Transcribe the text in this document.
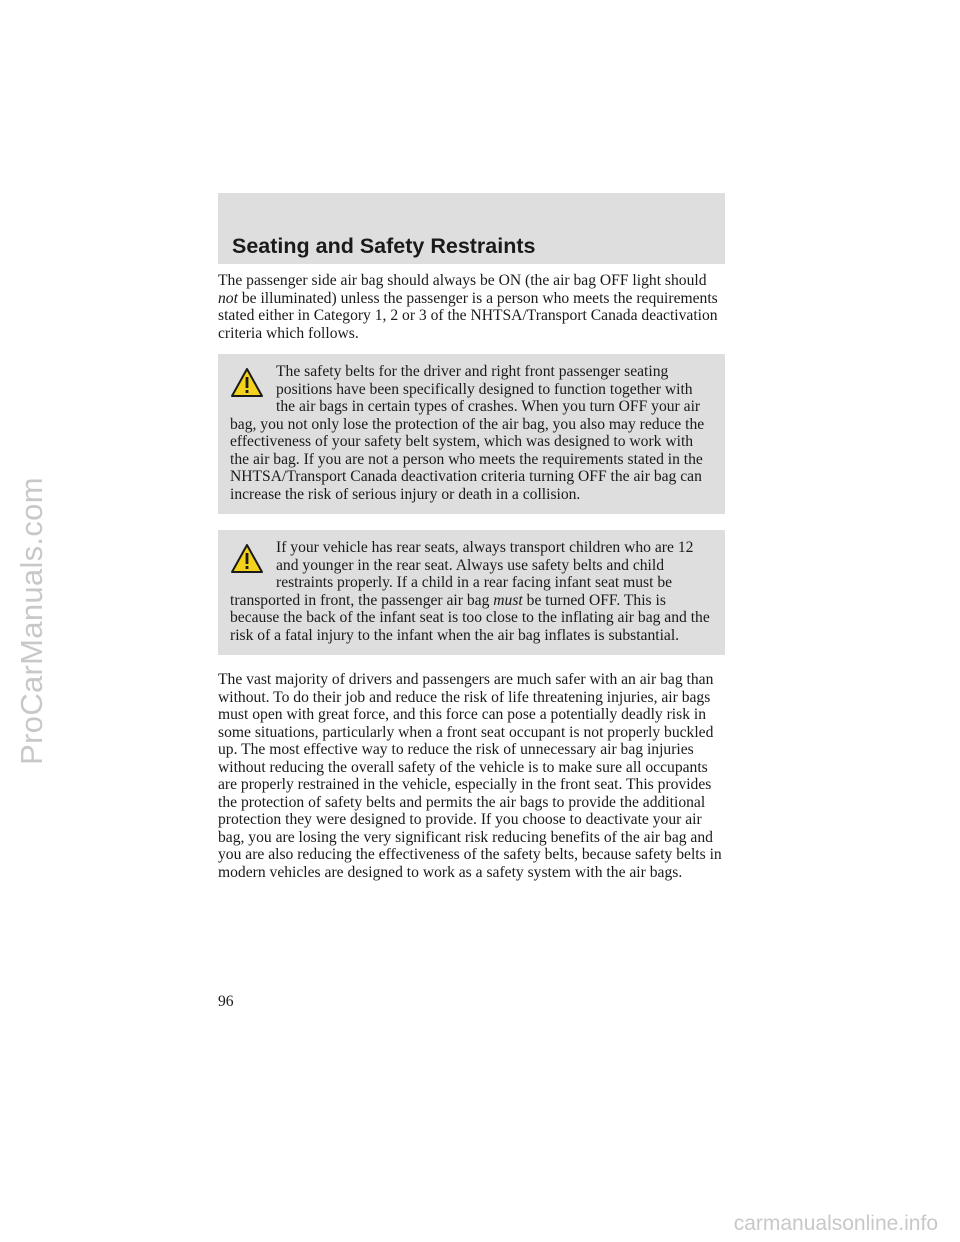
ProCarManuals.com
Seating and Safety Restraints

The passenger side air bag should always be ON (the air bag OFF light should not be illuminated) unless the passenger is a person who meets the requirements stated either in Category 1, 2 or 3 of the NHTSA/Transport Canada deactivation criteria which follows.

The safety belts for the driver and right front passenger seating positions have been specifically designed to function together with the air bags in certain types of crashes. When you turn OFF your air bag, you not only lose the protection of the air bag, you also may reduce the effectiveness of your safety belt system, which was designed to work with the air bag. If you are not a person who meets the requirements stated in the NHTSA/Transport Canada deactivation criteria turning OFF the air bag can increase the risk of serious injury or death in a collision.

If your vehicle has rear seats, always transport children who are 12 and younger in the rear seat. Always use safety belts and child restraints properly. If a child in a rear facing infant seat must be transported in front, the passenger air bag must be turned OFF. This is because the back of the infant seat is too close to the inflating air bag and the risk of a fatal injury to the infant when the air bag inflates is substantial.

The vast majority of drivers and passengers are much safer with an air bag than without. To do their job and reduce the risk of life threatening injuries, air bags must open with great force, and this force can pose a potentially deadly risk in some situations, particularly when a front seat occupant is not properly buckled up. The most effective way to reduce the risk of unnecessary air bag injuries without reducing the overall safety of the vehicle is to make sure all occupants are properly restrained in the vehicle, especially in the front seat. This provides the protection of safety belts and permits the air bags to provide the additional protection they were designed to provide. If you choose to deactivate your air bag, you are losing the very significant risk reducing benefits of the air bag and you are also reducing the effectiveness of the safety belts, because safety belts in modern vehicles are designed to work as a safety system with the air bags.

96
carmanualsonline.info
